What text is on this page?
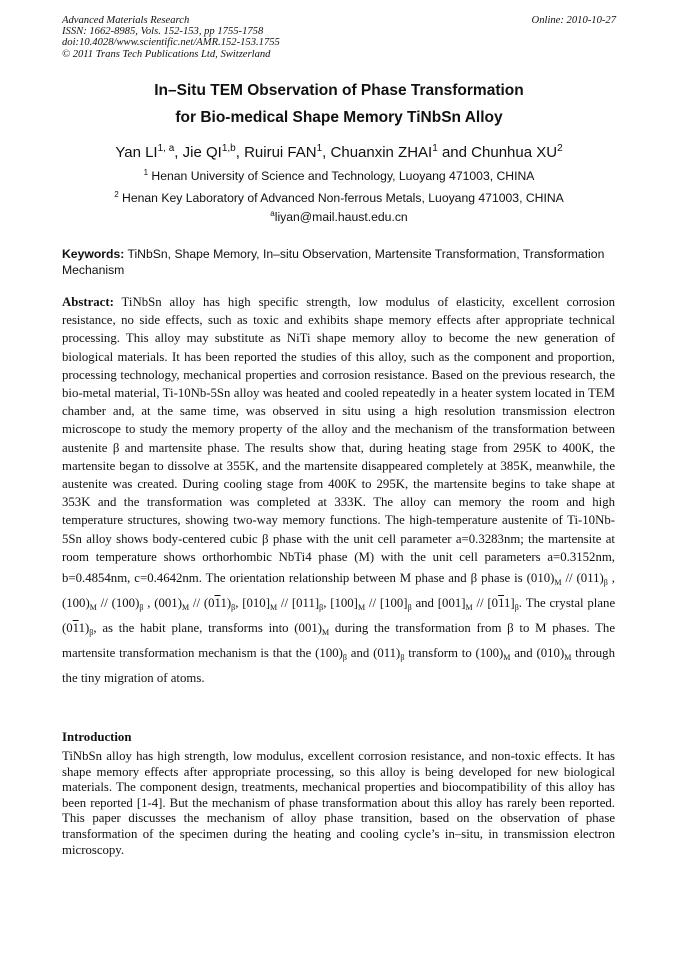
Advanced Materials Research
ISSN: 1662-8985, Vols. 152-153, pp 1755-1758
doi:10.4028/www.scientific.net/AMR.152-153.1755
© 2011 Trans Tech Publications Ltd, Switzerland
Online: 2010-10-27
In–Situ TEM Observation of Phase Transformation
for Bio-medical Shape Memory TiNbSn Alloy
Yan LI$^{1, a}$, Jie QI$^{1,b}$, Ruirui FAN$^1$, Chuanxin ZHAI$^1$ and Chunhua $XU^2$
$^1$ Henan University of Science and Technology, Luoyang 471003, CHINA
$^2$ Henan Key Laboratory of Advanced Non-ferrous Metals, Luoyang 471003, CHINA
$^a$liyan@mail.haust.edu.cn
Keywords: TiNbSn, Shape Memory, In–situ Observation, Martensite Transformation, Transformation Mechanism
Abstract: TiNbSn alloy has high specific strength, low modulus of elasticity, excellent corrosion resistance, no side effects, such as toxic and exhibits shape memory effects after appropriate technical processing. This alloy may substitute as NiTi shape memory alloy to become the new generation of biological materials. It has been reported the studies of this alloy, such as the component and proportion, processing technology, mechanical properties and corrosion resistance. Based on the previous research, the bio-metal material, Ti-10Nb-5Sn alloy was heated and cooled repeatedly in a heater system located in TEM chamber and, at the same time, was observed in situ using a high resolution transmission electron microscope to study the memory property of the alloy and the mechanism of the transformation between austenite β and martensite phase. The results show that, during heating stage from 295K to 400K, the martensite began to dissolve at 355K, and the martensite disappeared completely at 385K, meanwhile, the austenite was created. During cooling stage from 400K to 295K, the martensite begins to take shape at 353K and the transformation was completed at 333K. The alloy can memory the room and high temperature structures, showing two-way memory functions. The high-temperature austenite of Ti-10Nb-5Sn alloy shows body-centered cubic β phase with the unit cell parameter a=0.3283nm; the martensite at room temperature shows orthorhombic NbTi4 phase (M) with the unit cell parameters a=0.3152nm, b=0.4854nm, c=0.4642nm. The orientation relationship between M phase and β phase is $(010)_M // (011)_\beta$ , $(100)_M // (100)_\beta$ , $(001)_M // (011)_\beta$, $[010]_M // [011]_\beta$, $[100]_M // [100]_\beta$ and $[001]_M // [011]_\beta$. The crystal plane $(011)_\beta$, as the habit plane, transforms into $(001)_M$ during the transformation from β to M phases. The martensite transformation mechanism is that the $(100)_\beta$ and $(011)_\beta$ transform to $(100)_M$ and $(010)_M$ through the tiny migration of atoms.
Introduction
TiNbSn alloy has high strength, low modulus, excellent corrosion resistance, and non-toxic effects. It has shape memory effects after appropriate processing, so this alloy is being developed for new biological materials. The component design, treatments, mechanical properties and biocompatibility of this alloy has been reported [1-4]. But the mechanism of phase transformation about this alloy has rarely been reported. This paper discusses the mechanism of alloy phase transition, based on the observation of phase transformation of the specimen during the heating and cooling cycle’s in–situ, in transmission electron microscopy.
